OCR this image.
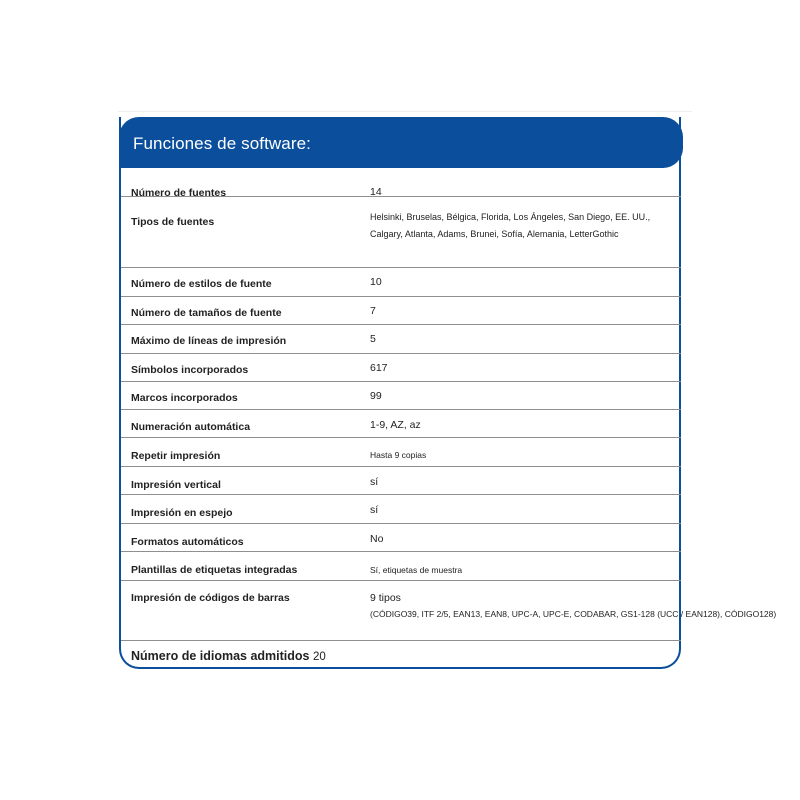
Funciones de software:
Número de fuentes	14
Tipos de fuentes	Helsinki, Bruselas, Bélgica, Florida, Los Ángeles, San Diego, EE. UU., Calgary, Atlanta, Adams, Brunei, Sofía, Alemania, LetterGothic
Número de estilos de fuente	10
Número de tamaños de fuente	7
Máximo de líneas de impresión	5
Símbolos incorporados	617
Marcos incorporados	99
Numeración automática	1-9, AZ, az
Repetir impresión	Hasta 9 copias
Impresión vertical	sí
Impresión en espejo	sí
Formatos automáticos	No
Plantillas de etiquetas integradas	Sí, etiquetas de muestra
Impresión de códigos de barras	9 tipos
(CÓDIGO39, ITF 2/5, EAN13, EAN8, UPC-A, UPC-E, CODABAR, GS1-128 (UCC / EAN128), CÓDIGO128)
Número de idiomas admitidos 20
